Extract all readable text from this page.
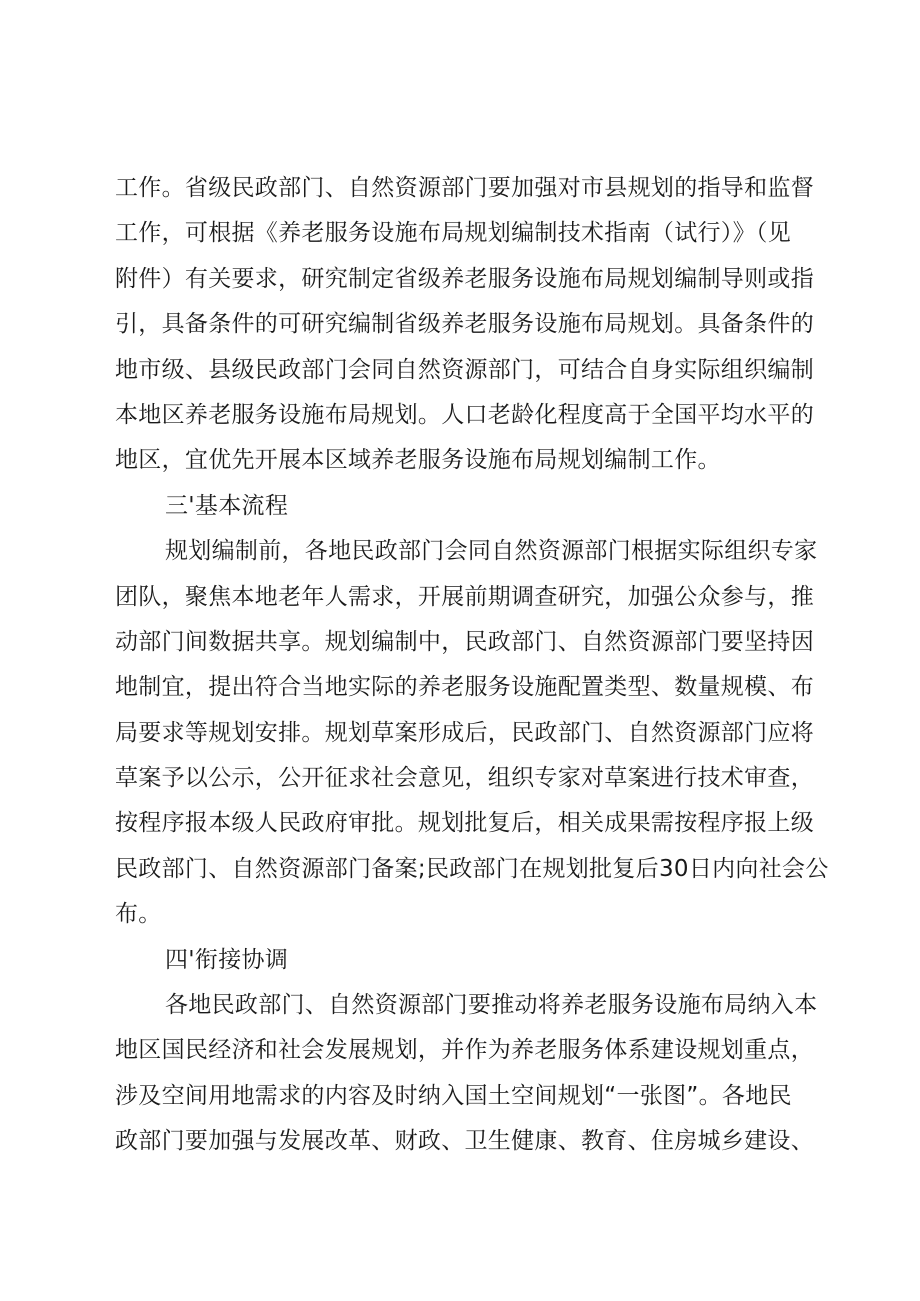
工作。省级民政部门、自然资源部门要加强对市县规划的指导和监督
工作，可根据《养老服务设施布局规划编制技术指南（试行）》（见
附件）有关要求，研究制定省级养老服务设施布局规划编制导则或指
引，具备条件的可研究编制省级养老服务设施布局规划。具备条件的
地市级、县级民政部门会同自然资源部门，可结合自身实际组织编制
本地区养老服务设施布局规划。人口老龄化程度高于全国平均水平的
地区，宜优先开展本区域养老服务设施布局规划编制工作。
三'基本流程
规划编制前，各地民政部门会同自然资源部门根据实际组织专家
团队，聚焦本地老年人需求，开展前期调查研究，加强公众参与，推
动部门间数据共享。规划编制中，民政部门、自然资源部门要坚持因
地制宜，提出符合当地实际的养老服务设施配置类型、数量规模、布
局要求等规划安排。规划草案形成后，民政部门、自然资源部门应将
草案予以公示，公开征求社会意见，组织专家对草案进行技术审查，
按程序报本级人民政府审批。规划批复后，相关成果需按程序报上级
民政部门、自然资源部门备案;民政部门在规划批复后30日内向社会公
布。
四'衔接协调
各地民政部门、自然资源部门要推动将养老服务设施布局纳入本
地区国民经济和社会发展规划，并作为养老服务体系建设规划重点，
涉及空间用地需求的内容及时纳入国土空间规划“一张图”。各地民
政部门要加强与发展改革、财政、卫生健康、教育、住房城乡建设、
